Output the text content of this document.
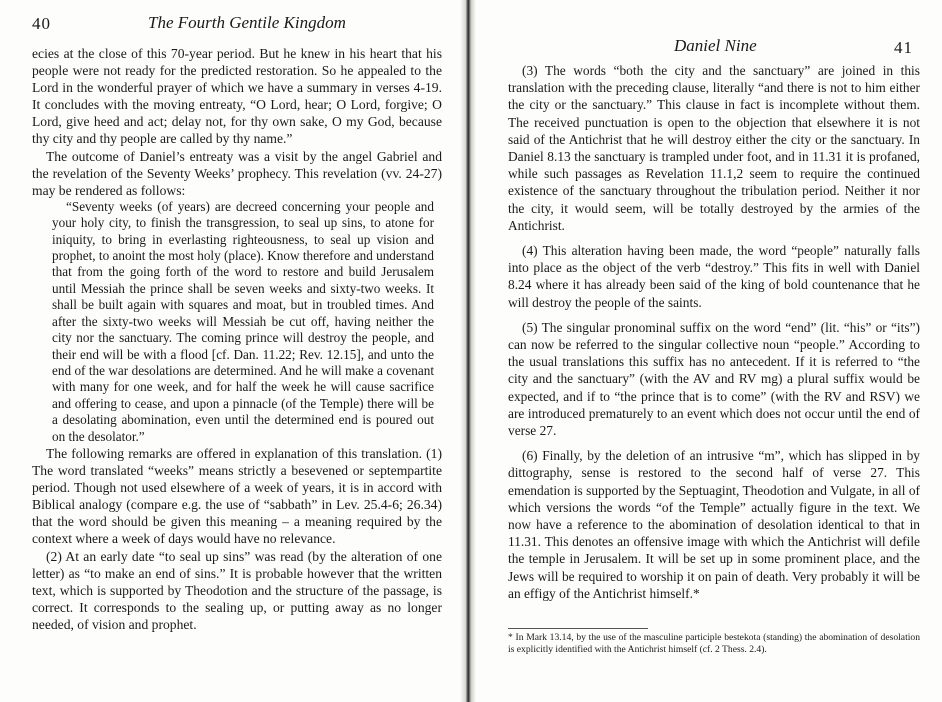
40	The Fourth Gentile Kingdom

ecies at the close of this 70-year period. But he knew in his heart that his people were not ready for the predicted restoration. So he appealed to the Lord in the wonderful prayer of which we have a summary in verses 4-19. It concludes with the moving entreaty, “O Lord, hear; O Lord, forgive; O Lord, give heed and act; delay not, for thy own sake, O my God, because thy city and thy people are called by thy name.”

The outcome of Daniel’s entreaty was a visit by the angel Gabriel and the revelation of the Seventy Weeks’ prophecy. This revelation (vv. 24-27) may be rendered as follows:

“Seventy weeks (of years) are decreed concerning your people and your holy city, to finish the transgression, to seal up sins, to atone for iniquity, to bring in everlasting righteousness, to seal up vision and prophet, to anoint the most holy (place). Know therefore and understand that from the going forth of the word to restore and build Jerusalem until Messiah the prince shall be seven weeks and sixty-two weeks. It shall be built again with squares and moat, but in troubled times. And after the sixty-two weeks will Messiah be cut off, having neither the city nor the sanctuary. The coming prince will destroy the people, and their end will be with a flood [cf. Dan. 11.22; Rev. 12.15], and unto the end of the war desolations are determined. And he will make a covenant with many for one week, and for half the week he will cause sacrifice and offering to cease, and upon a pinnacle (of the Temple) there will be a desolating abomination, even until the determined end is poured out on the desolator.”

The following remarks are offered in explanation of this translation. (1) The word translated “weeks” means strictly a besevened or septempartite period. Though not used elsewhere of a week of years, it is in accord with Biblical analogy (compare e.g. the use of “sabbath” in Lev. 25.4-6; 26.34) that the word should be given this meaning – a meaning required by the context where a week of days would have no relevance.

(2) At an early date “to seal up sins” was read (by the alteration of one letter) as “to make an end of sins.” It is probable however that the written text, which is supported by Theodotion and the structure of the passage, is correct. It corresponds to the sealing up, or putting away as no longer needed, of vision and prophet.

Daniel Nine	41

(3) The words “both the city and the sanctuary” are joined in this translation with the preceding clause, literally “and there is not to him either the city or the sanctuary.” This clause in fact is incomplete without them. The received punctuation is open to the objection that elsewhere it is not said of the Antichrist that he will destroy either the city or the sanctuary. In Daniel 8.13 the sanctuary is trampled under foot, and in 11.31 it is profaned, while such passages as Revelation 11.1,2 seem to require the continued existence of the sanctuary throughout the tribulation period. Neither it nor the city, it would seem, will be totally destroyed by the armies of the Antichrist.

(4) This alteration having been made, the word “people” naturally falls into place as the object of the verb “destroy.” This fits in well with Daniel 8.24 where it has already been said of the king of bold countenance that he will destroy the people of the saints.

(5) The singular pronominal suffix on the word “end” (lit. “his” or “its”) can now be referred to the singular collective noun “people.” According to the usual translations this suffix has no antecedent. If it is referred to “the city and the sanctuary” (with the AV and RV mg) a plural suffix would be expected, and if to “the prince that is to come” (with the RV and RSV) we are introduced prematurely to an event which does not occur until the end of verse 27.

(6) Finally, by the deletion of an intrusive “m”, which has slipped in by dittography, sense is restored to the second half of verse 27. This emendation is supported by the Septuagint, Theodotion and Vulgate, in all of which versions the words “of the Temple” actually figure in the text. We now have a reference to the abomination of desolation identical to that in 11.31. This denotes an offensive image with which the Antichrist will defile the temple in Jerusalem. It will be set up in some prominent place, and the Jews will be required to worship it on pain of death. Very probably it will be an effigy of the Antichrist himself.*

* In Mark 13.14, by the use of the masculine participle bestekota (standing) the abomination of desolation is explicitly identified with the Antichrist himself (cf. 2 Thess. 2.4).
